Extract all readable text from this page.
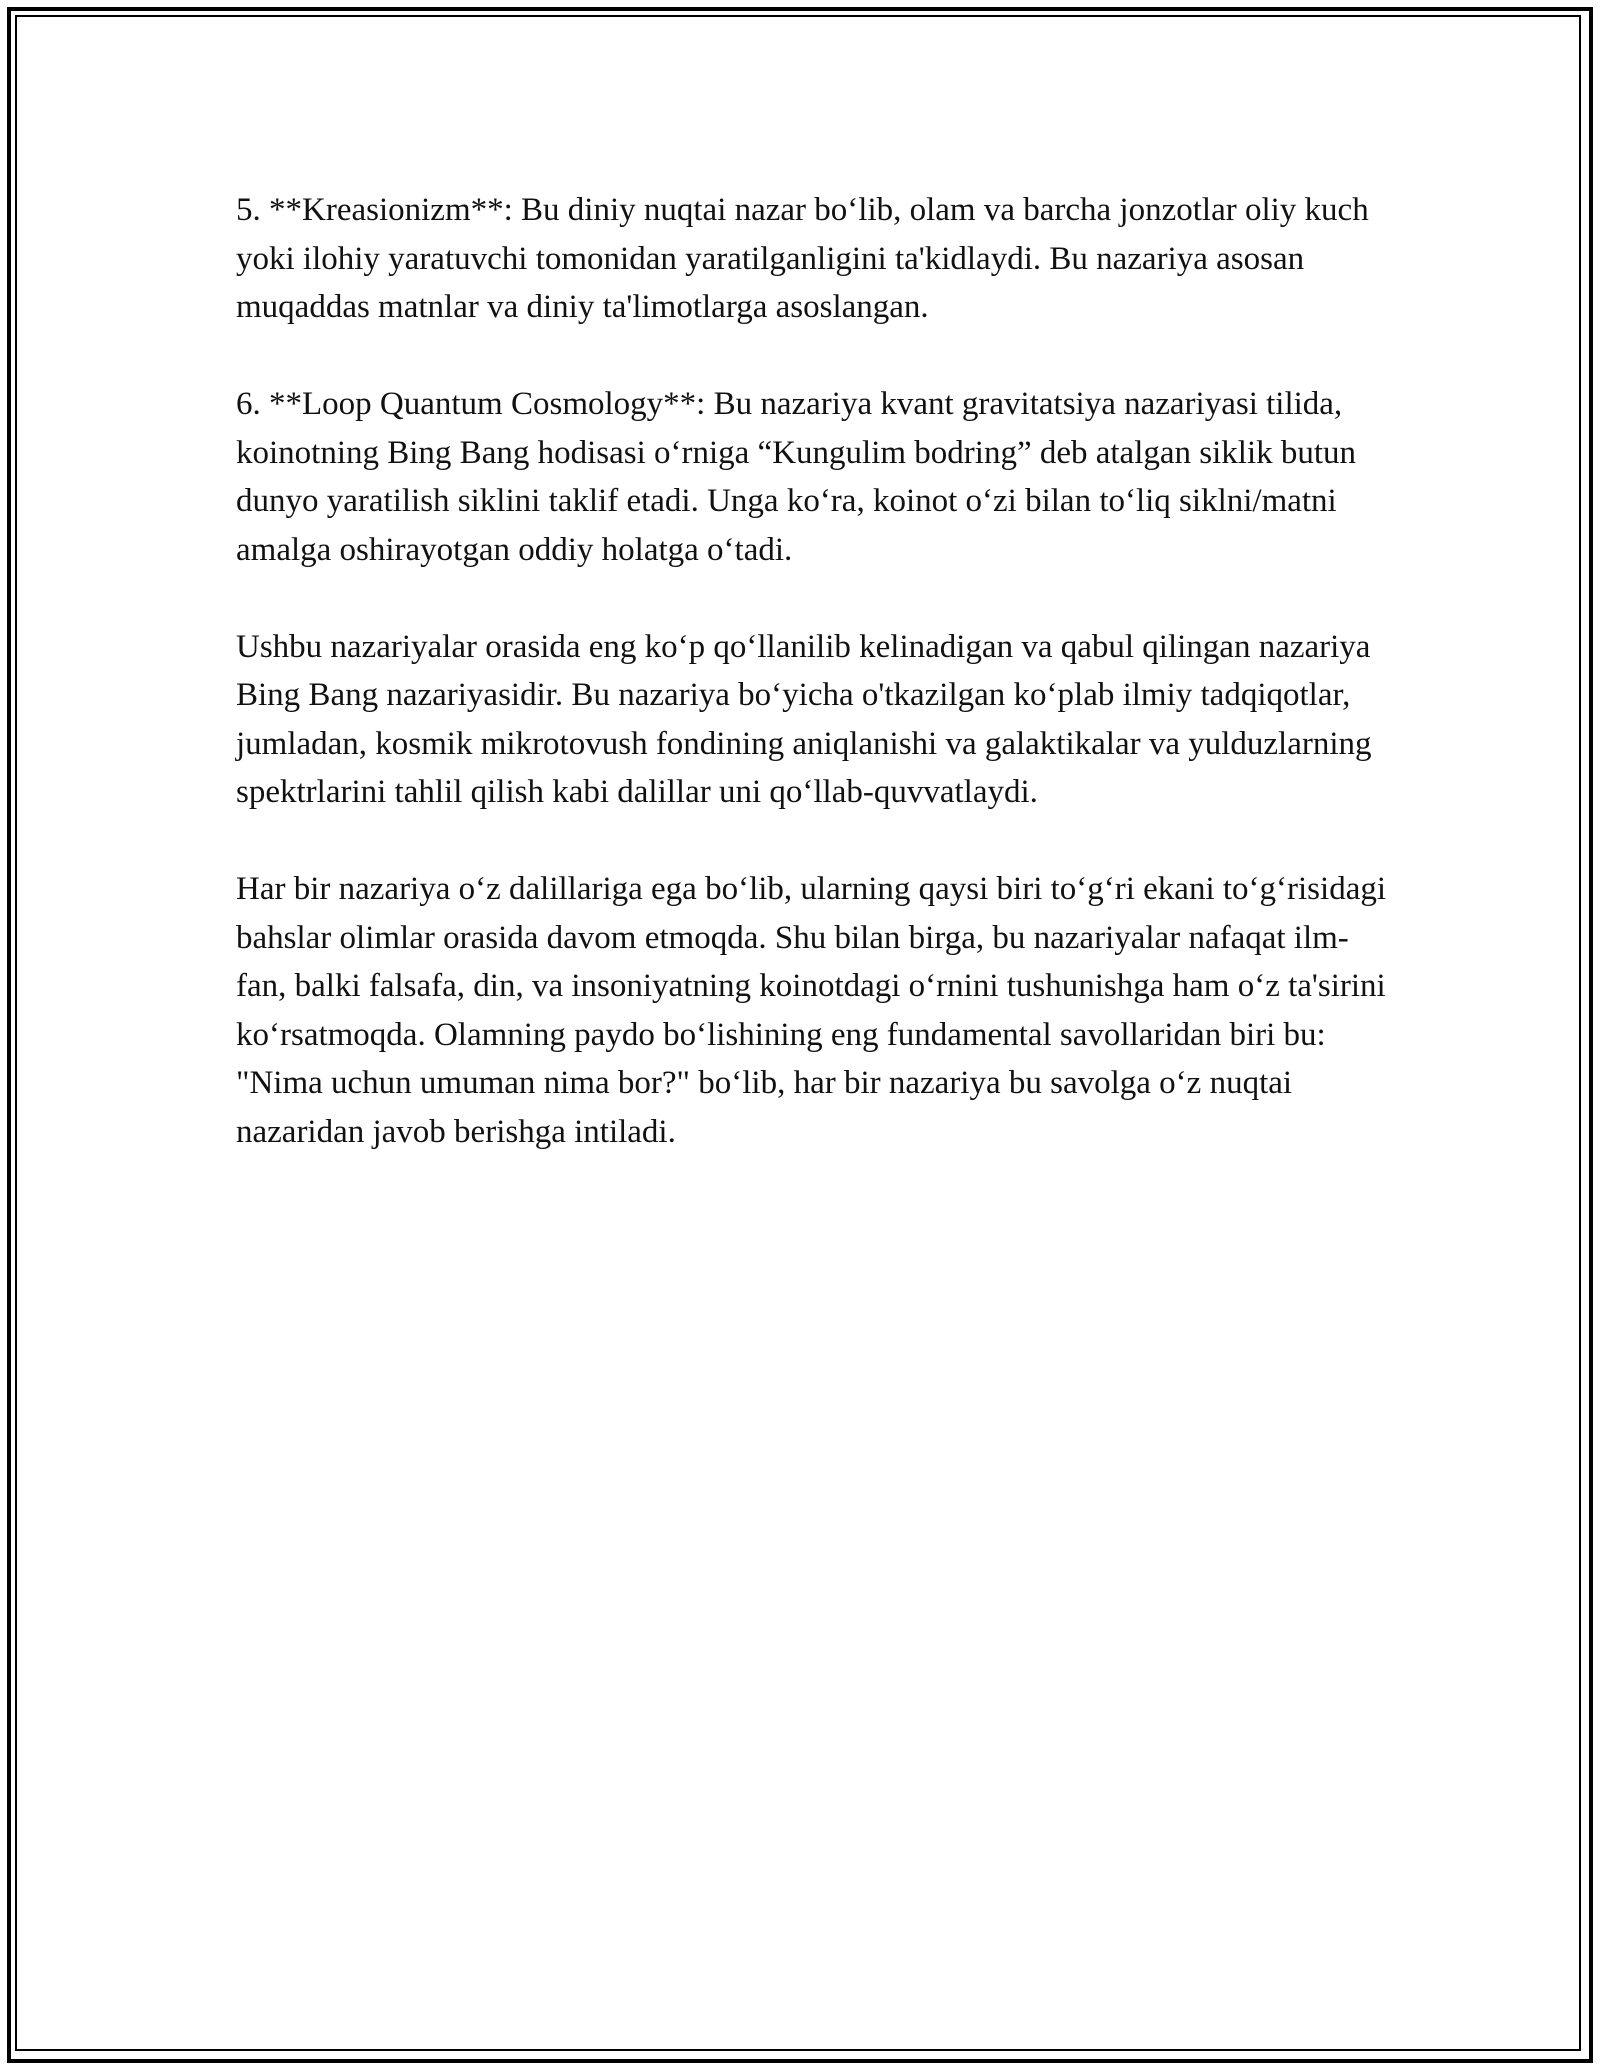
5. **Kreasionizm**: Bu diniy nuqtai nazar bo‘lib, olam va barcha jonzotlar oliy kuch yoki ilohiy yaratuvchi tomonidan yaratilganligini ta'kidlaydi. Bu nazariya asosan muqaddas matnlar va diniy ta'limotlarga asoslangan.

6. **Loop Quantum Cosmology**: Bu nazariya kvant gravitatsiya nazariyasi tilida, koinotning Bing Bang hodisasi o‘rniga “Kungulim bodring” deb atalgan siklik butun dunyo yaratilish siklini taklif etadi. Unga ko‘ra, koinot o‘zi bilan to‘liq siklni/matni amalga oshirayotgan oddiy holatga o‘tadi.

Ushbu nazariyalar orasida eng ko‘p qo‘llanilib kelinadigan va qabul qilingan nazariya Bing Bang nazariyasidir. Bu nazariya bo‘yicha o'tkazilgan ko‘plab ilmiy tadqiqotlar, jumladan, kosmik mikrotovush fondining aniqlanishi va galaktikalar va yulduzlarning spektrlarini tahlil qilish kabi dalillar uni qo‘llab-quvvatlaydi.

Har bir nazariya o‘z dalillariga ega bo‘lib, ularning qaysi biri to‘g‘ri ekani to‘g‘risidagi bahslar olimlar orasida davom etmoqda. Shu bilan birga, bu nazariyalar nafaqat ilm-fan, balki falsafa, din, va insoniyatning koinotdagi o‘rnini tushunishga ham o‘z ta'sirini ko‘rsatmoqda. Olamning paydo bo‘lishining eng fundamental savollaridan biri bu: "Nima uchun umuman nima bor?" bo‘lib, har bir nazariya bu savolga o‘z nuqtai nazaridan javob berishga intiladi.
